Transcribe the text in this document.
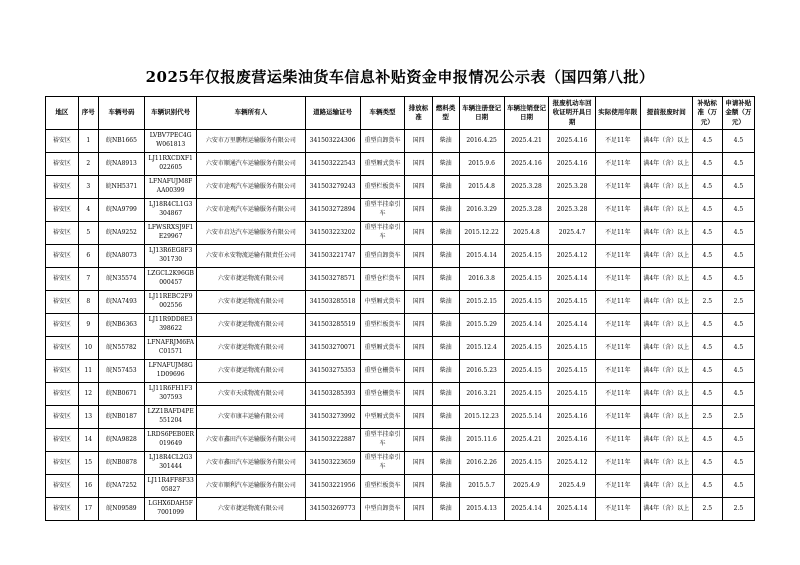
2025年仅报废营运柴油货车信息补贴资金申报情况公示表（国四第八批）
地区	序号	车辆号码	车辆识别代号	车辆所有人	道路运输证号	车辆类型	排放标准	燃料类型	车辆注册登记日期	车辆注销登记日期	报废机动车回收证明开具日期	实际使用年限	提前报废时间	补贴标准（万元）	申请补贴金额（万元）
裕安区	1	皖NB1665	LVBV7PEC4GW061813	六安市万里鹏程运输服务有限公司	341503224306	重型自卸货车	国四	柴油	2016.4.25	2025.4.21	2025.4.16	不足11年	满4年（含）以上	4.5	4.5
裕安区	2	皖NA8913	LJ11RXCDXF1022605	六安市顺通汽车运输服务有限公司	341503222543	重型厢式货车	国四	柴油	2015.9.6	2025.4.16	2025.4.16	不足11年	满4年（含）以上	4.5	4.5
裕安区	3	皖NH5371	LFNAFUJM8FAA00399	六安市途观汽车运输服务有限公司	341503279243	重型栏板货车	国四	柴油	2015.4.8	2025.3.28	2025.3.28	不足11年	满4年（含）以上	4.5	4.5
裕安区	4	皖NA9799	LJ18R4CL1G3304867	六安市途观汽车运输服务有限公司	341503272894	重型半挂牵引车	国四	柴油	2016.3.29	2025.3.28	2025.3.28	不足11年	满4年（含）以上	4.5	4.5
裕安区	5	皖NA9252	LFWSRXSJ9F1E29967	六安市启达汽车运输服务有限公司	341503223202	重型半挂牵引车	国四	柴油	2015.12.22	2025.4.8	2025.4.7	不足11年	满4年（含）以上	4.5	4.5
裕安区	6	皖NA8073	LJ13R6EG8F3301730	六安市永安物流运输有限责任公司	341503221747	重型自卸货车	国四	柴油	2015.4.14	2025.4.15	2025.4.12	不足11年	满4年（含）以上	4.5	4.5
裕安区	7	皖N35574	LZGCL2K96GB000457	六安市捷运物流有限公司	341503278571	重型仓栏货车	国四	柴油	2016.3.8	2025.4.15	2025.4.14	不足11年	满4年（含）以上	4.5	4.5
裕安区	8	皖NA7493	LJ11REBC2F9002556	六安市捷运物流有限公司	341503285518	中型厢式货车	国四	柴油	2015.2.15	2025.4.15	2025.4.15	不足11年	满4年（含）以上	2.5	2.5
裕安区	9	皖NB6363	LJ11R9DD8E3398622	六安市捷运物流有限公司	341503285519	重型栏板货车	国四	柴油	2015.5.29	2025.4.14	2025.4.14	不足11年	满4年（含）以上	4.5	4.5
裕安区	10	皖N55782	LFNAFRJM6FAC01571	六安市捷运物流有限公司	341503270071	重型厢式货车	国四	柴油	2015.12.4	2025.4.15	2025.4.15	不足11年	满4年（含）以上	4.5	4.5
裕安区	11	皖N57453	LFNAFUJM8G1D09696	六安市捷运物流有限公司	341503275353	重型仓栅货车	国四	柴油	2016.5.23	2025.4.15	2025.4.15	不足11年	满4年（含）以上	4.5	4.5
裕安区	12	皖NB0671	LJ11R6FH1F3307593	六安市天成物流有限公司	341503285393	重型仓栅货车	国四	柴油	2016.3.21	2025.4.15	2025.4.15	不足11年	满4年（含）以上	4.5	4.5
裕安区	13	皖NB0187	LZZ1BAFD4PE551204	六安市康丰运输有限公司	341503273992	中型厢式货车	国四	柴油	2015.12.23	2025.5.14	2025.4.16	不足11年	满4年（含）以上	2.5	2.5
裕安区	14	皖NA9828	LRDS6PEB0ER019649	六安市鑫田汽车运输服务有限公司	341503222887	重型半挂牵引车	国四	柴油	2015.11.6	2025.4.21	2025.4.16	不足11年	满4年（含）以上	4.5	4.5
裕安区	15	皖NB0878	LJ18R4CL2G3301444	六安市鑫田汽车运输服务有限公司	341503223659	重型半挂牵引车	国四	柴油	2016.2.26	2025.4.15	2025.4.12	不足11年	满4年（含）以上	4.5	4.5
裕安区	16	皖NA7252	LJ11R4FF8F3305827	六安市顺利汽车运输服务有限公司	341503221956	重型栏板货车	国四	柴油	2015.5.7	2025.4.9	2025.4.9	不足11年	满4年（含）以上	4.5	4.5
裕安区	17	皖N09589	LGHX6DAH5F7001099	六安市捷运物流有限公司	341503269773	中型自卸货车	国四	柴油	2015.4.13	2025.4.14	2025.4.14	不足11年	满4年（含）以上	2.5	2.5
